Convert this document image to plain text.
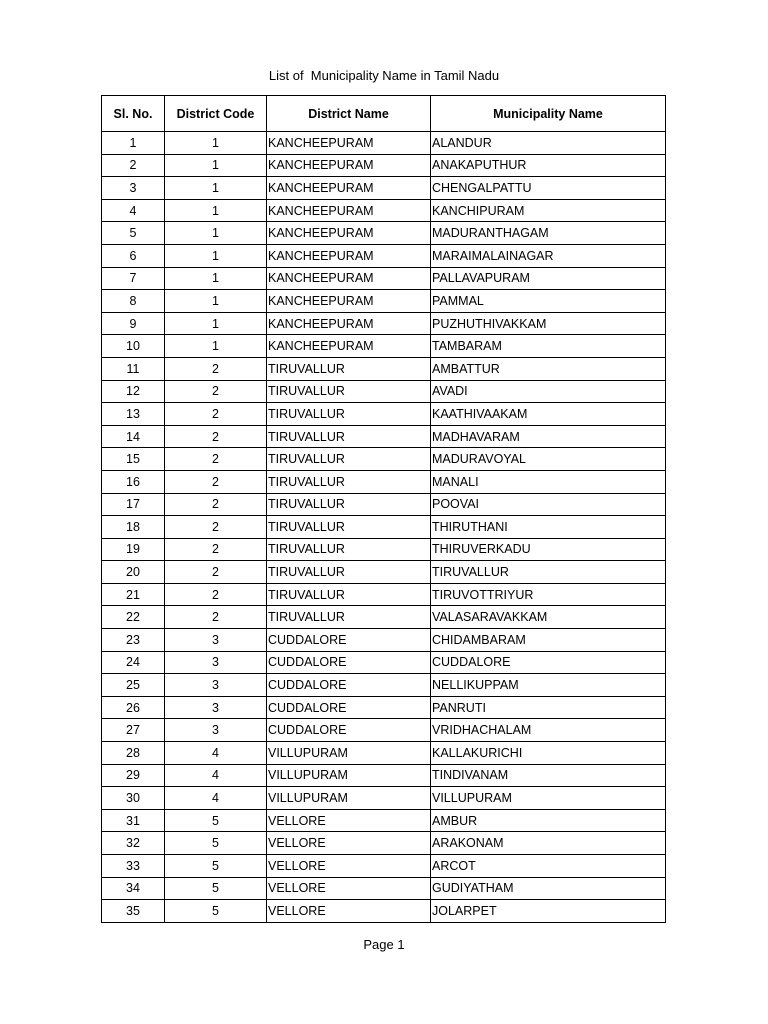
List of  Municipality Name in Tamil Nadu
Sl. No.	District Code	District Name	Municipality Name
1	1	KANCHEEPURAM	ALANDUR
2	1	KANCHEEPURAM	ANAKAPUTHUR
3	1	KANCHEEPURAM	CHENGALPATTU
4	1	KANCHEEPURAM	KANCHIPURAM
5	1	KANCHEEPURAM	MADURANTHAGAM
6	1	KANCHEEPURAM	MARAIMALAINAGAR
7	1	KANCHEEPURAM	PALLAVAPURAM
8	1	KANCHEEPURAM	PAMMAL
9	1	KANCHEEPURAM	PUZHUTHIVAKKAM
10	1	KANCHEEPURAM	TAMBARAM
11	2	TIRUVALLUR	AMBATTUR
12	2	TIRUVALLUR	AVADI
13	2	TIRUVALLUR	KAATHIVAAKAM
14	2	TIRUVALLUR	MADHAVARAM
15	2	TIRUVALLUR	MADURAVOYAL
16	2	TIRUVALLUR	MANALI
17	2	TIRUVALLUR	POOVAI
18	2	TIRUVALLUR	THIRUTHANI
19	2	TIRUVALLUR	THIRUVERKADU
20	2	TIRUVALLUR	TIRUVALLUR
21	2	TIRUVALLUR	TIRUVOTTRIYUR
22	2	TIRUVALLUR	VALASARAVAKKAM
23	3	CUDDALORE	CHIDAMBARAM
24	3	CUDDALORE	CUDDALORE
25	3	CUDDALORE	NELLIKUPPAM
26	3	CUDDALORE	PANRUTI
27	3	CUDDALORE	VRIDHACHALAM
28	4	VILLUPURAM	KALLAKURICHI
29	4	VILLUPURAM	TINDIVANAM
30	4	VILLUPURAM	VILLUPURAM
31	5	VELLORE	AMBUR
32	5	VELLORE	ARAKONAM
33	5	VELLORE	ARCOT
34	5	VELLORE	GUDIYATHAM
35	5	VELLORE	JOLARPET
Page 1
